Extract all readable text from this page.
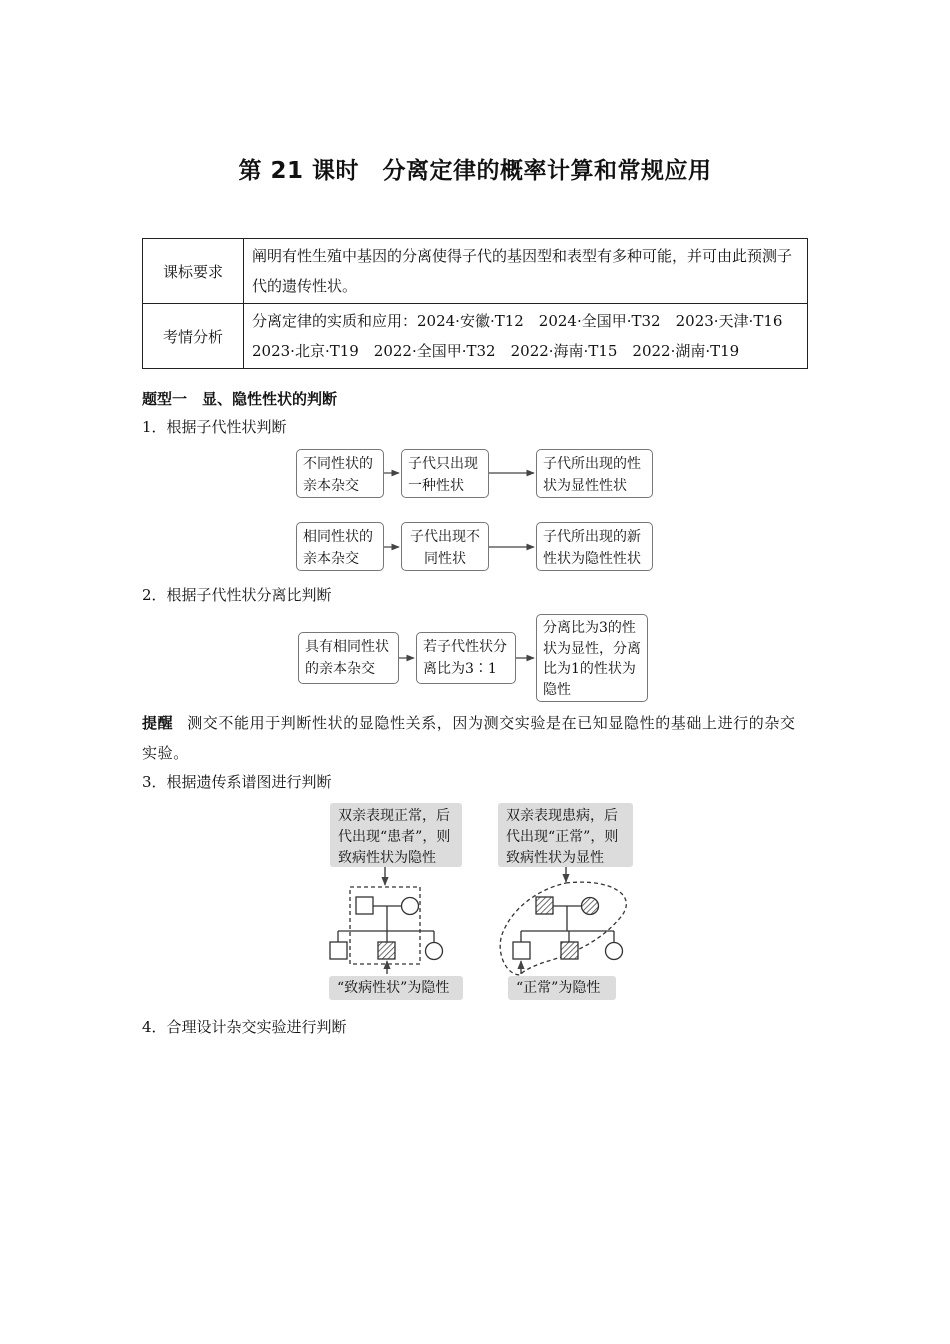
第 21 课时　分离定律的概率计算和常规应用
课标要求	阐明有性生殖中基因的分离使得子代的基因型和表型有多种可能，并可由此预测子代的遗传性状。
考情分析	分离定律的实质和应用：2024·安徽·T12　2024·全国甲·T32　2023·天津·T16　2023·北京·T19　2022·全国甲·T32　2022·海南·T15　2022·湖南·T19
题型一　显、隐性性状的判断
1．根据子代性状判断
不同性状的亲本杂交
子代只出现一种性状
子代所出现的性状为显性性状
相同性状的亲本杂交
子代出现不同性状
子代所出现的新性状为隐性性状
2．根据子代性状分离比判断
具有相同性状的亲本杂交
若子代性状分离比为3∶1
分离比为3的性状为显性，分离比为1的性状为隐性
提醒 测交不能用于判断性状的显隐性关系，因为测交实验是在已知显隐性的基础上进行的杂交实验。
3．根据遗传系谱图进行判断
双亲表现正常，后代出现“患者”，则致病性状为隐性
“致病性状”为隐性
双亲表现患病，后代出现“正常”，则致病性状为显性
“正常”为隐性
4．合理设计杂交实验进行判断
